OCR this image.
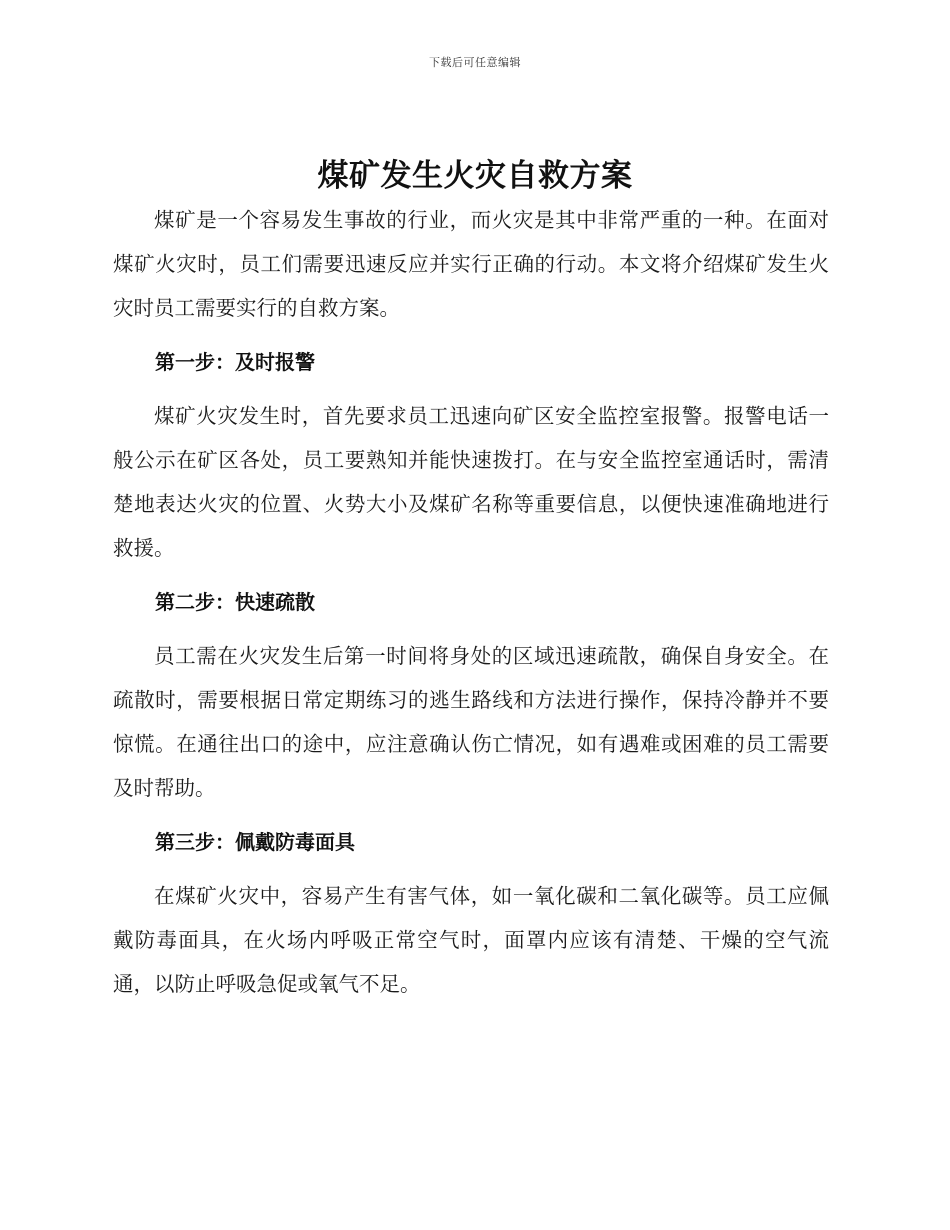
下载后可任意编辑
煤矿发生火灾自救方案

煤矿是一个容易发生事故的行业，而火灾是其中非常严重的一种。在面对煤矿火灾时，员工们需要迅速反应并实行正确的行动。本文将介绍煤矿发生火灾时员工需要实行的自救方案。

第一步：及时报警

煤矿火灾发生时，首先要求员工迅速向矿区安全监控室报警。报警电话一般公示在矿区各处，员工要熟知并能快速拨打。在与安全监控室通话时，需清楚地表达火灾的位置、火势大小及煤矿名称等重要信息，以便快速准确地进行救援。

第二步：快速疏散

员工需在火灾发生后第一时间将身处的区域迅速疏散，确保自身安全。在疏散时，需要根据日常定期练习的逃生路线和方法进行操作，保持冷静并不要惊慌。在通往出口的途中，应注意确认伤亡情况，如有遇难或困难的员工需要及时帮助。

第三步：佩戴防毒面具

在煤矿火灾中，容易产生有害气体，如一氧化碳和二氧化碳等。员工应佩戴防毒面具，在火场内呼吸正常空气时，面罩内应该有清楚、干燥的空气流通，以防止呼吸急促或氧气不足。
